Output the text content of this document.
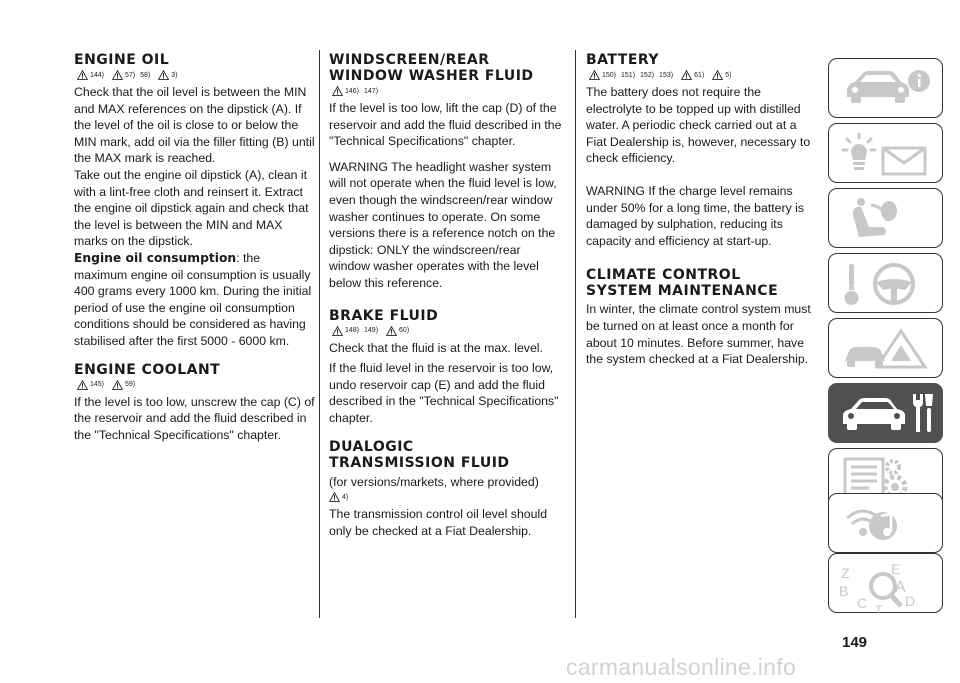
ENGINE OIL
144)	57) 58)	3)

Check that the oil level is between the MIN and MAX references on the dipstick (A). If the level of the oil is close to or below the MIN mark, add oil via the filler fitting (B) until the MAX mark is reached.

Take out the engine oil dipstick (A), clean it with a lint-free cloth and reinsert it. Extract the engine oil dipstick again and check that the level is between the MIN and MAX marks on the dipstick.

Engine oil consumption: the maximum engine oil consumption is usually 400 grams every 1000 km. During the initial period of use the engine oil consumption conditions should be considered as having stabilised after the first 5000 - 6000 km.

ENGINE COOLANT
145)	59)

If the level is too low, unscrew the cap (C) of the reservoir and add the fluid described in the "Technical Specifications" chapter.

WINDSCREEN/REAR
WINDOW WASHER FLUID
146) 147)

If the level is too low, lift the cap (D) of the reservoir and add the fluid described in the "Technical Specifications" chapter.

WARNING The headlight washer system will not operate when the fluid level is low, even though the windscreen/rear window washer continues to operate. On some versions there is a reference notch on the dipstick: ONLY the windscreen/rear window washer operates with the level below this reference.

BRAKE FLUID
148) 149)	60)

Check that the fluid is at the max. level.

If the fluid level in the reservoir is too low, undo reservoir cap (E) and add the fluid described in the "Technical Specifications" chapter.

DUALOGIC
TRANSMISSION FLUID

(for versions/markets, where provided)

4)

The transmission control oil level should only be checked at a Fiat Dealership.

BATTERY
150) 151) 152) 153)	61)	5)

The battery does not require the electrolyte to be topped up with distilled water. A periodic check carried out at a Fiat Dealership is, however, necessary to check efficiency.

WARNING If the charge level remains under 50% for a long time, the battery is damaged by sulphation, reducing its capacity and efficiency at start-up.

CLIMATE CONTROL
SYSTEM MAINTENANCE

In winter, the climate control system must be turned on at least once a month for about 10 minutes. Before summer, have the system checked at a Fiat Dealership.

Z	E
B	A
C	D
T
149
carmanualsonline.info
